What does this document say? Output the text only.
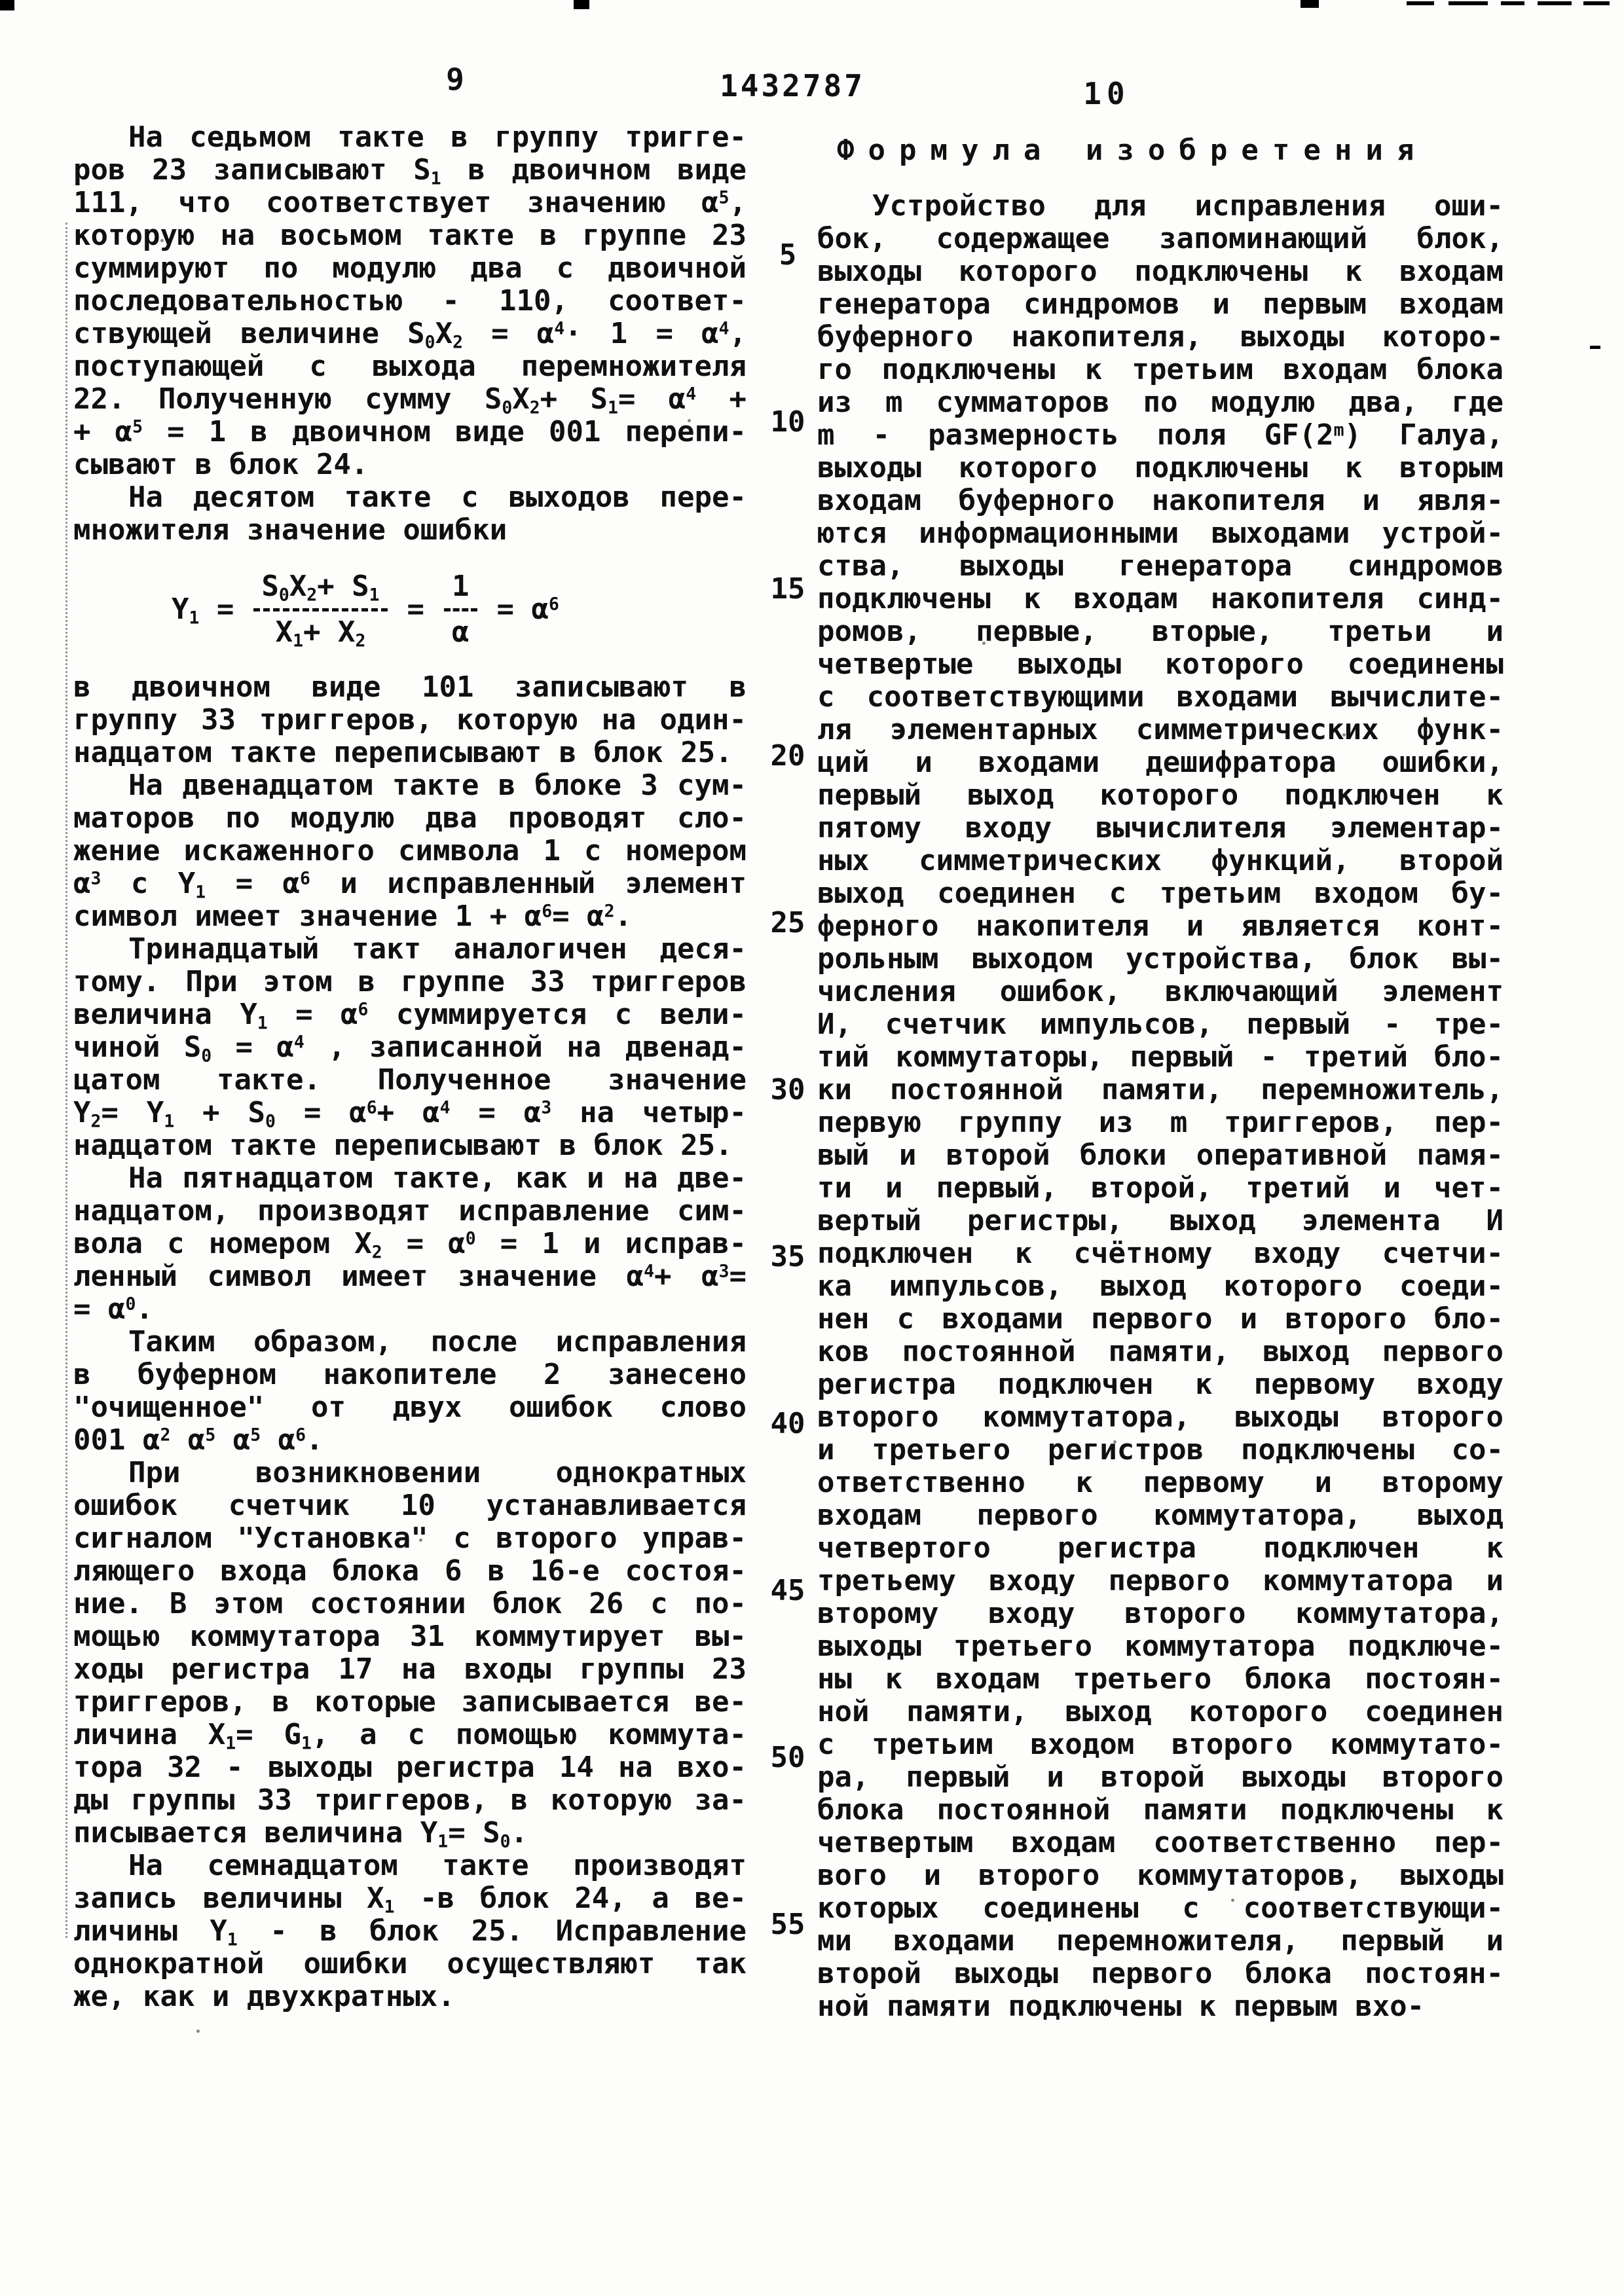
9	1432787	10
На седьмом такте в группу тригге-
ров 23 записывают $S_1$ в двоичном виде
111, что соответствует значению $\alpha^5$,
которую на восьмом такте в группе 23
суммируют по модулю два с двоичной
последовательностью - 110, соответ-
ствующей величине $S_0X_2 = \alpha^4\cdot 1 = \alpha^4$,
поступающей с выхода перемножителя
22. Полученную сумму $S_0X_2+ S_1= \alpha^4$ +
+ $\alpha^5 = 1$ в двоичном виде 001 перепи-
сывают в блок 24.
На десятом такте с выходов пере-
множителя значение ошибки
$Y_1 = \frac{S_0X_2+ S_1}{X_1+ X_2} = \frac{1}{\alpha} = \alpha^6$
в двоичном виде 101 записывают в
группу 33 триггеров, которую на один-
надцатом такте переписывают в блок 25.
На двенадцатом такте в блоке 3 сум-
маторов по модулю два проводят сло-
жение искаженного символа 1 с номером
$\alpha^3$ с $Y_1 = \alpha^6$ и исправленный элемент
символ имеет значение $1 + \alpha^6= \alpha^2$.
Тринадцатый такт аналогичен деся-
тому. При этом в группе 33 триггеров
величина $Y_1 = \alpha^6$ суммируется с вели-
чиной $S_0 = \alpha^4$ , записанной на двенад-
цатом такте. Полученное значение
$Y_2= Y_1 + S_0 = \alpha^6+ \alpha^4 = \alpha^3$ на четыр-
надцатом такте переписывают в блок 25.
На пятнадцатом такте, как и на две-
надцатом, производят исправление сим-
вола с номером $X_2 = \alpha^0 = 1$ и исправ-
ленный символ имеет значение $\alpha^4+ \alpha^3=$
= $\alpha^0$.
Таким образом, после исправления
в буферном накопителе 2 занесено
"очищенное" от двух ошибок слово
001 $\alpha^2$ $\alpha^5$ $\alpha^5$ $\alpha^6$.
При возникновении однократных
ошибок счетчик 10 устанавливается
сигналом "Установка" с второго управ-
ляющего входа блока 6 в 16-е состоя-
ние. В этом состоянии блок 26 с по-
мощью коммутатора 31 коммутирует вы-
ходы регистра 17 на входы группы 23
триггеров, в которые записывается ве-
личина $X_1= G_1$, а с помощью коммута-
тора 32 - выходы регистра 14 на вхо-
ды группы 33 триггеров, в которую за-
писывается величина $Y_1= S_0$.
На семнадцатом такте производят
запись величины $X_1$ -в блок 24, а ве-
личины $Y_1$ - в блок 25. Исправление
однократной ошибки осуществляют так
же, как и двухкратных.
5
10
15
20
25
30
35
40
45
50
55
Формула изобретения
Устройство для исправления оши-
бок, содержащее запоминающий блок,
выходы которого подключены к входам
генератора синдромов и первым входам
буферного накопителя, выходы которо-
го подключены к третьим входам блока
из m сумматоров по модулю два, где
m - размерность поля GF(2$^m$) Галуа,
выходы которого подключены к вторым
входам буферного накопителя и явля-
ются информационными выходами устрой-
ства, выходы генератора синдромов
подключены к входам накопителя синд-
ромов, первые, вторые, третьи и
четвертые выходы которого соединены
с соответствующими входами вычислите-
ля элементарных симметрических функ-
ций и входами дешифратора ошибки,
первый выход которого подключен к
пятому входу вычислителя элементар-
ных симметрических функций, второй
выход соединен с третьим входом бу-
ферного накопителя и является конт-
рольным выходом устройства, блок вы-
числения ошибок, включающий элемент
И, счетчик импульсов, первый - тре-
тий коммутаторы, первый - третий бло-
ки постоянной памяти, перемножитель,
первую группу из m триггеров, пер-
вый и второй блоки оперативной памя-
ти и первый, второй, третий и чет-
вертый регистры, выход элемента И
подключен к счётному входу счетчи-
ка импульсов, выход которого соеди-
нен с входами первого и второго бло-
ков постоянной памяти, выход первого
регистра подключен к первому входу
второго коммутатора, выходы второго
и третьего регистров подключены со-
ответственно к первому и второму
входам первого коммутатора, выход
четвертого регистра подключен к
третьему входу первого коммутатора и
второму входу второго коммутатора,
выходы третьего коммутатора подключе-
ны к входам третьего блока постоян-
ной памяти, выход которого соединен
с третьим входом второго коммутато-
ра, первый и второй выходы второго
блока постоянной памяти подключены к
четвертым входам соответственно пер-
вого и второго коммутаторов, выходы
которых соединены с соответствующи-
ми входами перемножителя, первый и
второй выходы первого блока постоян-
ной памяти подключены к первым вхо-
